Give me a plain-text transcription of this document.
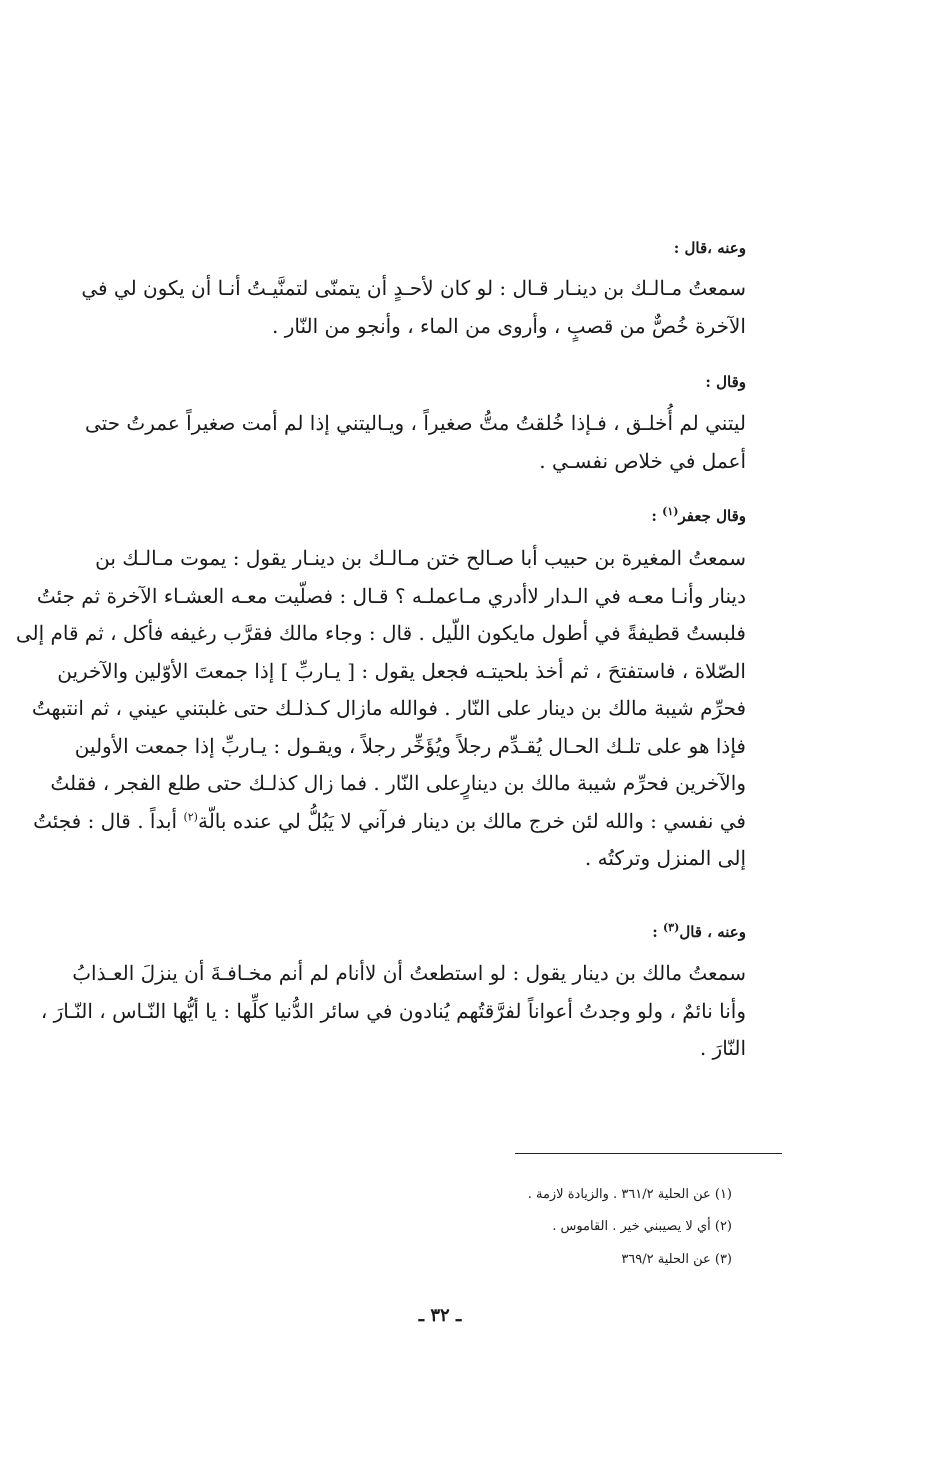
وعنه ،قال :
سمعتُ مـالـك بن دينـار قـال : لو كان لأحـدٍ أن يتمنّى لتمنَّيـتُ أنـا أن يكون لي في
الآخرة خُصٌّ من قصبٍ ، وأروى من الماء ، وأنجو من النّار .
وقال :
ليتني لم أُخلـق ، فـإذا خُلقتُ متُّ صغيراً ، ويـاليتني إذا لم أمت صغيراً عمرتُ حتى
أعمل في خلاص نفسـي .
وقال جعفر$^{(١)}$ :
سمعتُ المغيرة بن حبيب أبا صـالح ختن مـالـك بن دينـار يقول : يموت مـالـك بن
دينار وأنـا معـه في الـدار لاأدري مـاعملـه ؟ قـال : فصلّيت معـه العشـاء الآخرة ثم جئتُ
فلبستُ قطيفةً في أطول مايكون اللّيل . قال : وجاء مالك فقرَّب رغيفه فأكل ، ثم قام إلى
الصّلاة ، فاستفتحَ ، ثم أخذ بلحيتـه فجعل يقول : [ يـاربِّ ] إذا جمعتَ الأوّلين والآخرين
فحرِّم شيبة مالك بن دينار على النّار . فوالله مازال كـذلـك حتى غلبتني عيني ، ثم انتبهتُ
فإذا هو على تلـك الحـال يُقـدِّم رجلاً ويُؤَخِّر رجلاً ، ويقـول : يـاربِّ إذا جمعت الأولين
والآخرين فحرِّم شيبة مالك بن دينارٍعلى النّار . فما زال كذلـك حتى طلع الفجر ، فقلتُ
في نفسي : والله لئن خرج مالك بن دينار فرآني لا يَبُلُّ لي عنده بالّة$^{(٢)}$ أبداً . قال : فجئتُ
إلى المنزل وتركتُه .
وعنه ، قال$^{(٣)}$ :
سمعتُ مالك بن دينار يقول : لو استطعتُ أن لاأنام لم أنم مخـافـةَ أن ينزلَ العـذابُ
وأنا نائمٌ ، ولو وجدتُ أعواناً لفرَّقتُهم يُنادون في سائر الدُّنيا كلِّها : يا أيُّها النّـاس ، النّـارَ ،
النّارَ .
(١) عن الحلية ٣٦١/٢ . والزيادة لازمة .
(٢) أي لا يصيبني خير . القاموس .
(٣) عن الحلية ٣٦٩/٢
ـ ٣٢ ـ
